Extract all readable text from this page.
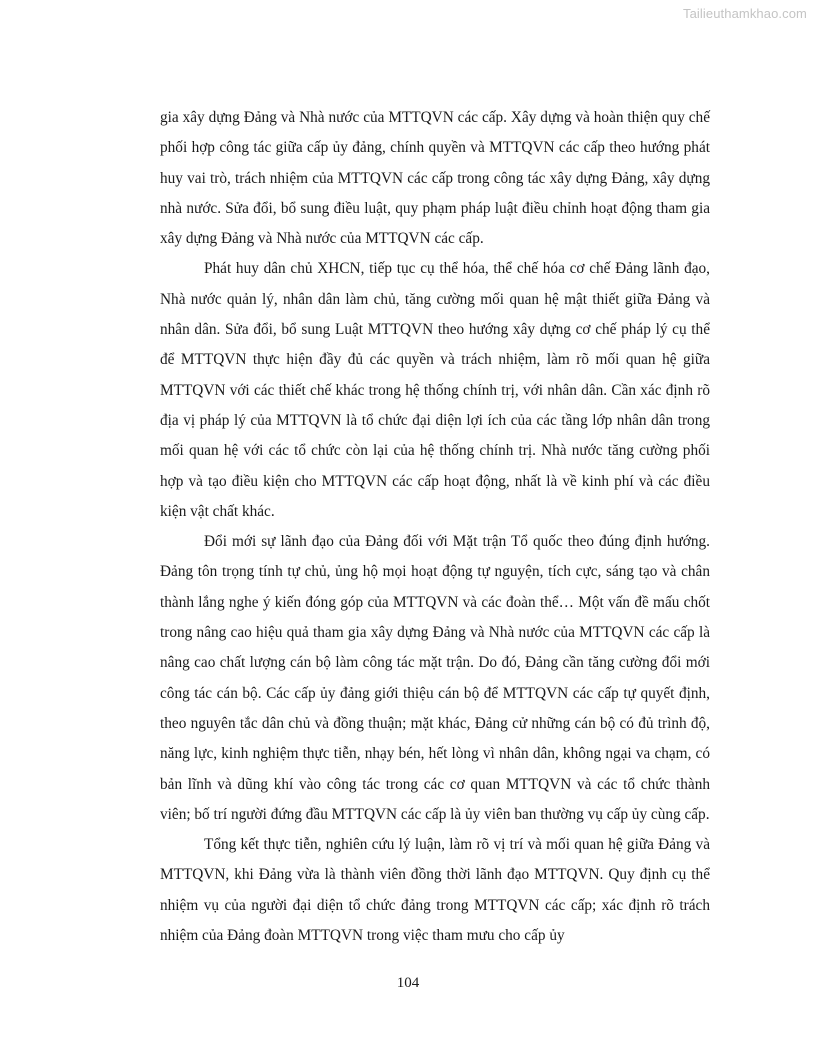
Tailieuthamkhao.com

gia xây dựng Đảng và Nhà nước của MTTQVN các cấp. Xây dựng và hoàn thiện quy chế phối hợp công tác giữa cấp ủy đảng, chính quyền và MTTQVN các cấp theo hướng phát huy vai trò, trách nhiệm của MTTQVN các cấp trong công tác xây dựng Đảng, xây dựng nhà nước. Sửa đổi, bổ sung điều luật, quy phạm pháp luật điều chỉnh hoạt động tham gia xây dựng Đảng và Nhà nước của MTTQVN các cấp.

Phát huy dân chủ XHCN, tiếp tục cụ thể hóa, thể chế hóa cơ chế Đảng lãnh đạo, Nhà nước quản lý, nhân dân làm chủ, tăng cường mối quan hệ mật thiết giữa Đảng và nhân dân. Sửa đổi, bổ sung Luật MTTQVN theo hướng xây dựng cơ chế pháp lý cụ thể để MTTQVN thực hiện đầy đủ các quyền và trách nhiệm, làm rõ mối quan hệ giữa MTTQVN với các thiết chế khác trong hệ thống chính trị, với nhân dân. Cần xác định rõ địa vị pháp lý của MTTQVN là tổ chức đại diện lợi ích của các tầng lớp nhân dân trong mối quan hệ với các tổ chức còn lại của hệ thống chính trị. Nhà nước tăng cường phối hợp và tạo điều kiện cho MTTQVN các cấp hoạt động, nhất là về kinh phí và các điều kiện vật chất khác.

Đổi mới sự lãnh đạo của Đảng đối với Mặt trận Tổ quốc theo đúng định hướng. Đảng tôn trọng tính tự chủ, ủng hộ mọi hoạt động tự nguyện, tích cực, sáng tạo và chân thành lắng nghe ý kiến đóng góp của MTTQVN và các đoàn thể… Một vấn đề mấu chốt trong nâng cao hiệu quả tham gia xây dựng Đảng và Nhà nước của MTTQVN các cấp là nâng cao chất lượng cán bộ làm công tác mặt trận. Do đó, Đảng cần tăng cường đổi mới công tác cán bộ. Các cấp ủy đảng giới thiệu cán bộ để MTTQVN các cấp tự quyết định, theo nguyên tắc dân chủ và đồng thuận; mặt khác, Đảng cử những cán bộ có đủ trình độ, năng lực, kinh nghiệm thực tiễn, nhạy bén, hết lòng vì nhân dân, không ngại va chạm, có bản lĩnh và dũng khí vào công tác trong các cơ quan MTTQVN và các tổ chức thành viên; bố trí người đứng đầu MTTQVN các cấp là ủy viên ban thường vụ cấp ủy cùng cấp.

Tổng kết thực tiễn, nghiên cứu lý luận, làm rõ vị trí và mối quan hệ giữa Đảng và MTTQVN, khi Đảng vừa là thành viên đồng thời lãnh đạo MTTQVN. Quy định cụ thể nhiệm vụ của người đại diện tổ chức đảng trong MTTQVN các cấp; xác định rõ trách nhiệm của Đảng đoàn MTTQVN trong việc tham mưu cho cấp ủy

104
